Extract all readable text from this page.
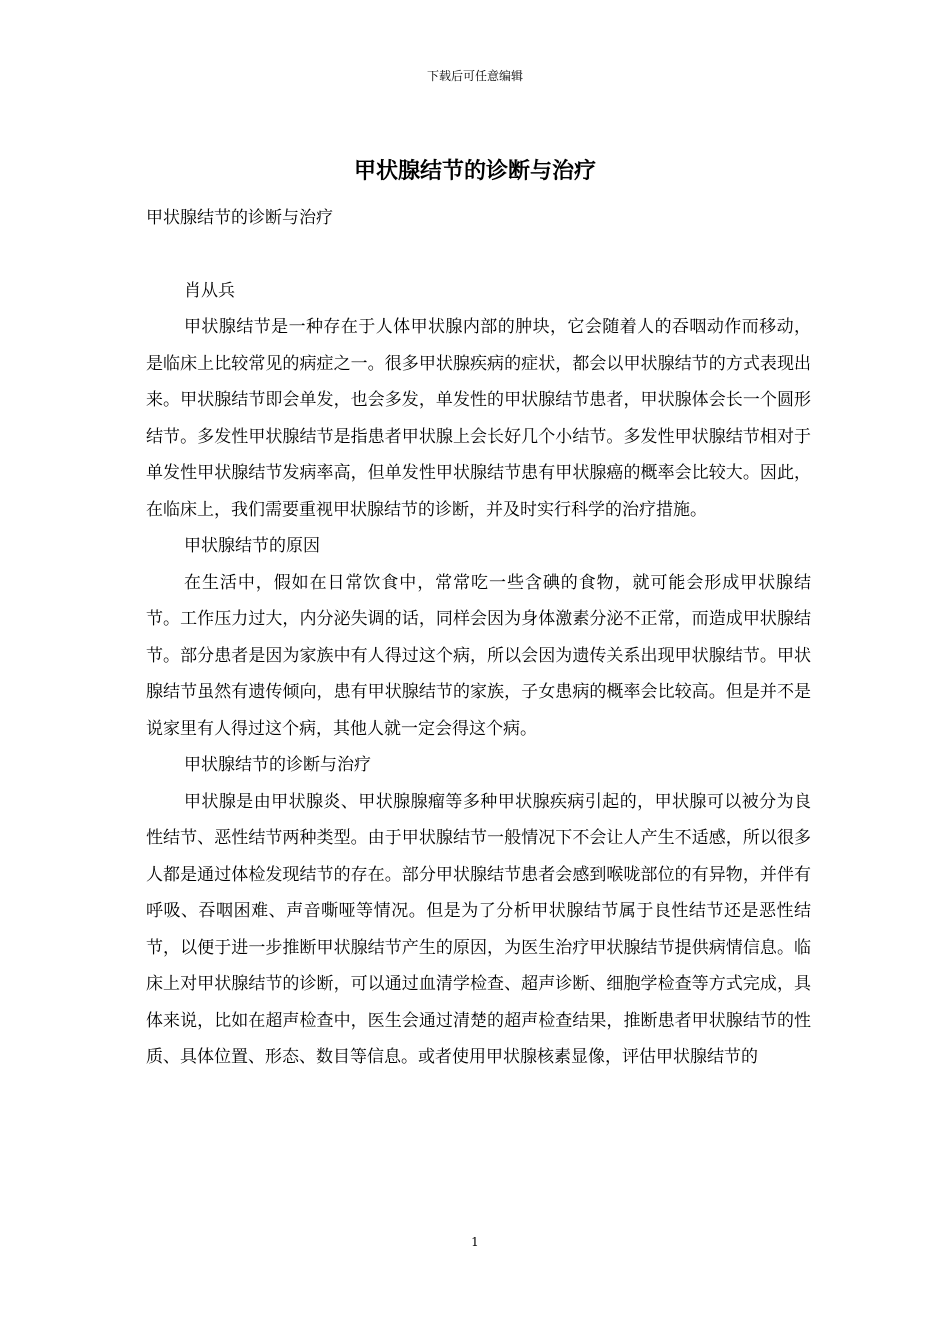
下载后可任意编辑
甲状腺结节的诊断与治疗

甲状腺结节的诊断与治疗

肖从兵

甲状腺结节是一种存在于人体甲状腺内部的肿块，它会随着人的吞咽动作而移动，是临床上比较常见的病症之一。很多甲状腺疾病的症状，都会以甲状腺结节的方式表现出来。甲状腺结节即会单发，也会多发，单发性的甲状腺结节患者，甲状腺体会长一个圆形结节。多发性甲状腺结节是指患者甲状腺上会长好几个小结节。多发性甲状腺结节相对于单发性甲状腺结节发病率高，但单发性甲状腺结节患有甲状腺癌的概率会比较大。因此，在临床上，我们需要重视甲状腺结节的诊断，并及时实行科学的治疗措施。

甲状腺结节的原因

在生活中，假如在日常饮食中，常常吃一些含碘的食物，就可能会形成甲状腺结节。工作压力过大，内分泌失调的话，同样会因为身体激素分泌不正常，而造成甲状腺结节。部分患者是因为家族中有人得过这个病，所以会因为遗传关系出现甲状腺结节。甲状腺结节虽然有遗传倾向，患有甲状腺结节的家族，子女患病的概率会比较高。但是并不是说家里有人得过这个病，其他人就一定会得这个病。

甲状腺结节的诊断与治疗

甲状腺是由甲状腺炎、甲状腺腺瘤等多种甲状腺疾病引起的，甲状腺可以被分为良性结节、恶性结节两种类型。由于甲状腺结节一般情况下不会让人产生不适感，所以很多人都是通过体检发现结节的存在。部分甲状腺结节患者会感到喉咙部位的有异物，并伴有呼吸、吞咽困难、声音嘶哑等情况。但是为了分析甲状腺结节属于良性结节还是恶性结节，以便于进一步推断甲状腺结节产生的原因，为医生治疗甲状腺结节提供病情信息。临床上对甲状腺结节的诊断，可以通过血清学检查、超声诊断、细胞学检查等方式完成，具体来说，比如在超声检查中，医生会通过清楚的超声检查结果，推断患者甲状腺结节的性质、具体位置、形态、数目等信息。或者使用甲状腺核素显像，评估甲状腺结节的

1
